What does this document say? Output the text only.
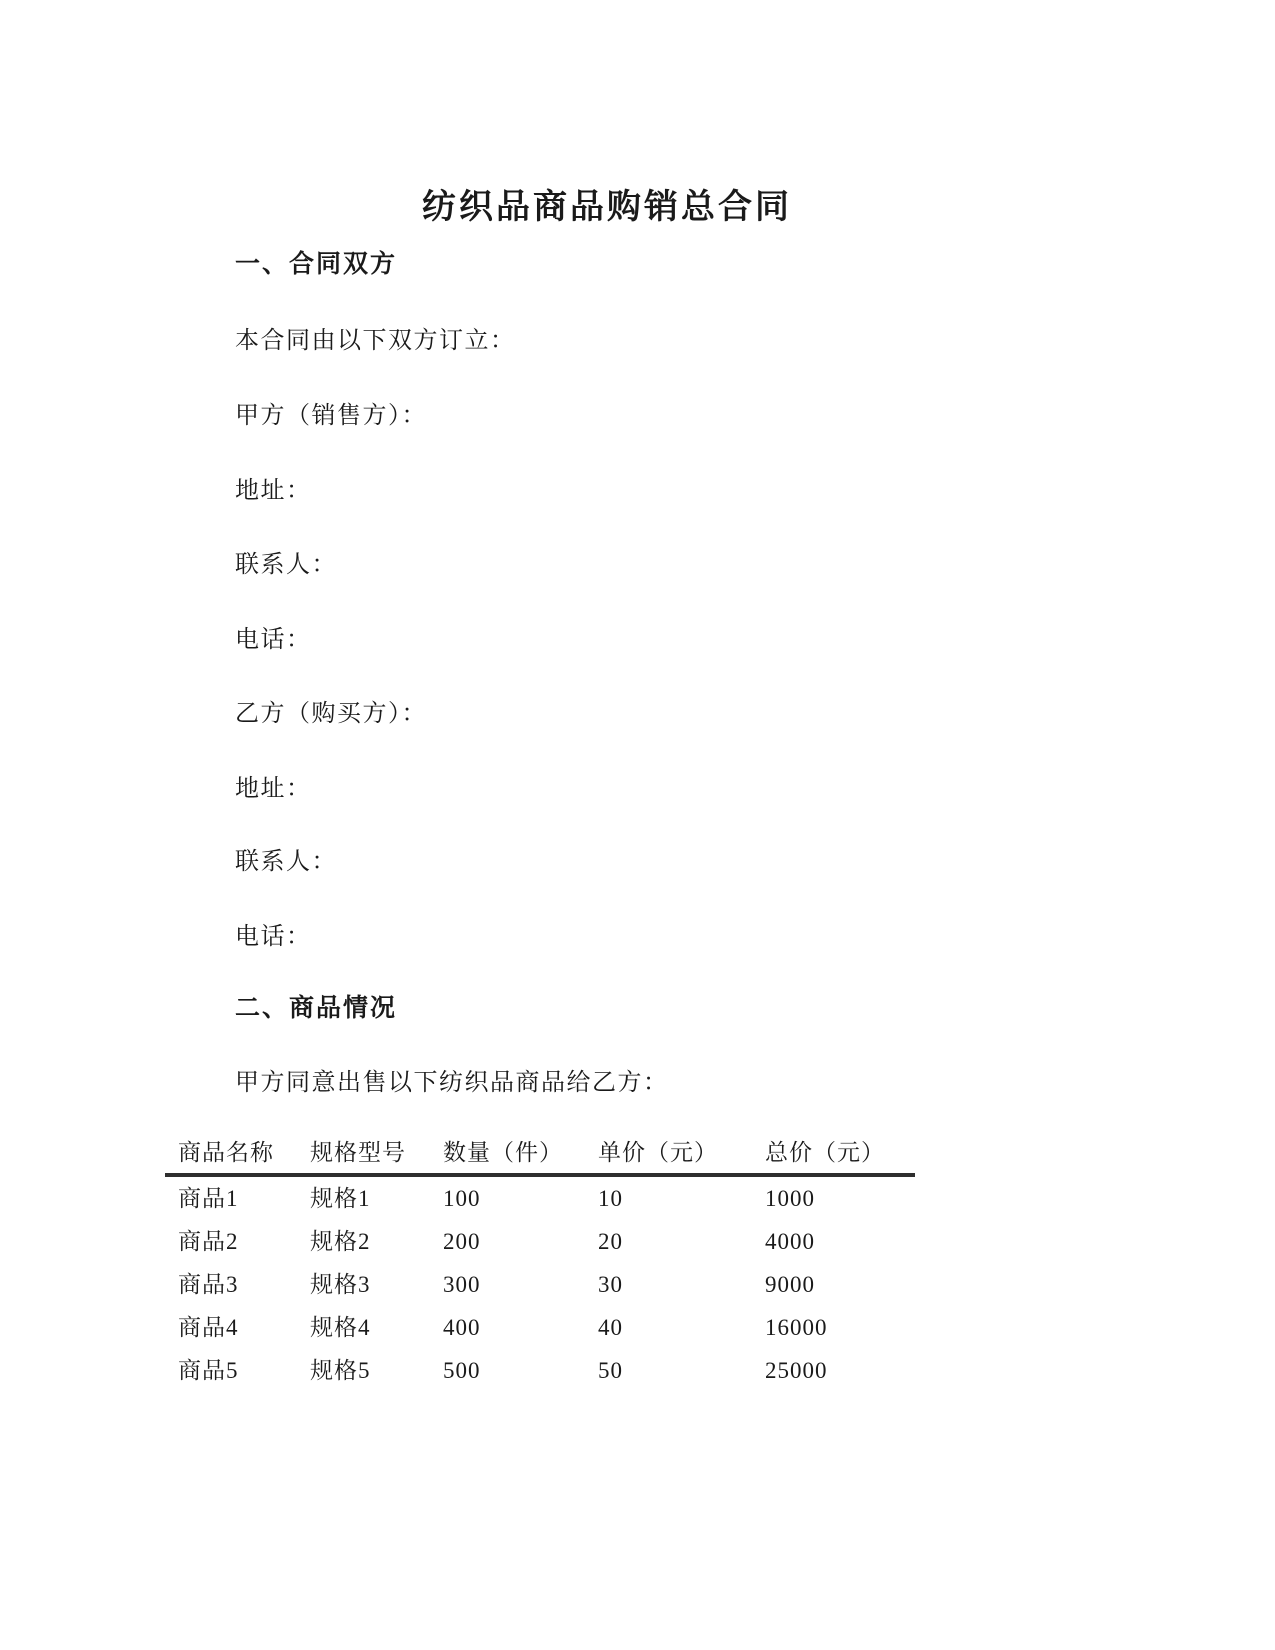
纺织品商品购销总合同
一、合同双方
本合同由以下双方订立：
甲方（销售方）：
地址：
联系人：
电话：
乙方（购买方）：
地址：
联系人：
电话：
二、商品情况
甲方同意出售以下纺织品商品给乙方：
商品名称	规格型号	数量（件）	单价（元）	总价（元）
商品1	规格1	100	10	1000
商品2	规格2	200	20	4000
商品3	规格3	300	30	9000
商品4	规格4	400	40	16000
商品5	规格5	500	50	25000
